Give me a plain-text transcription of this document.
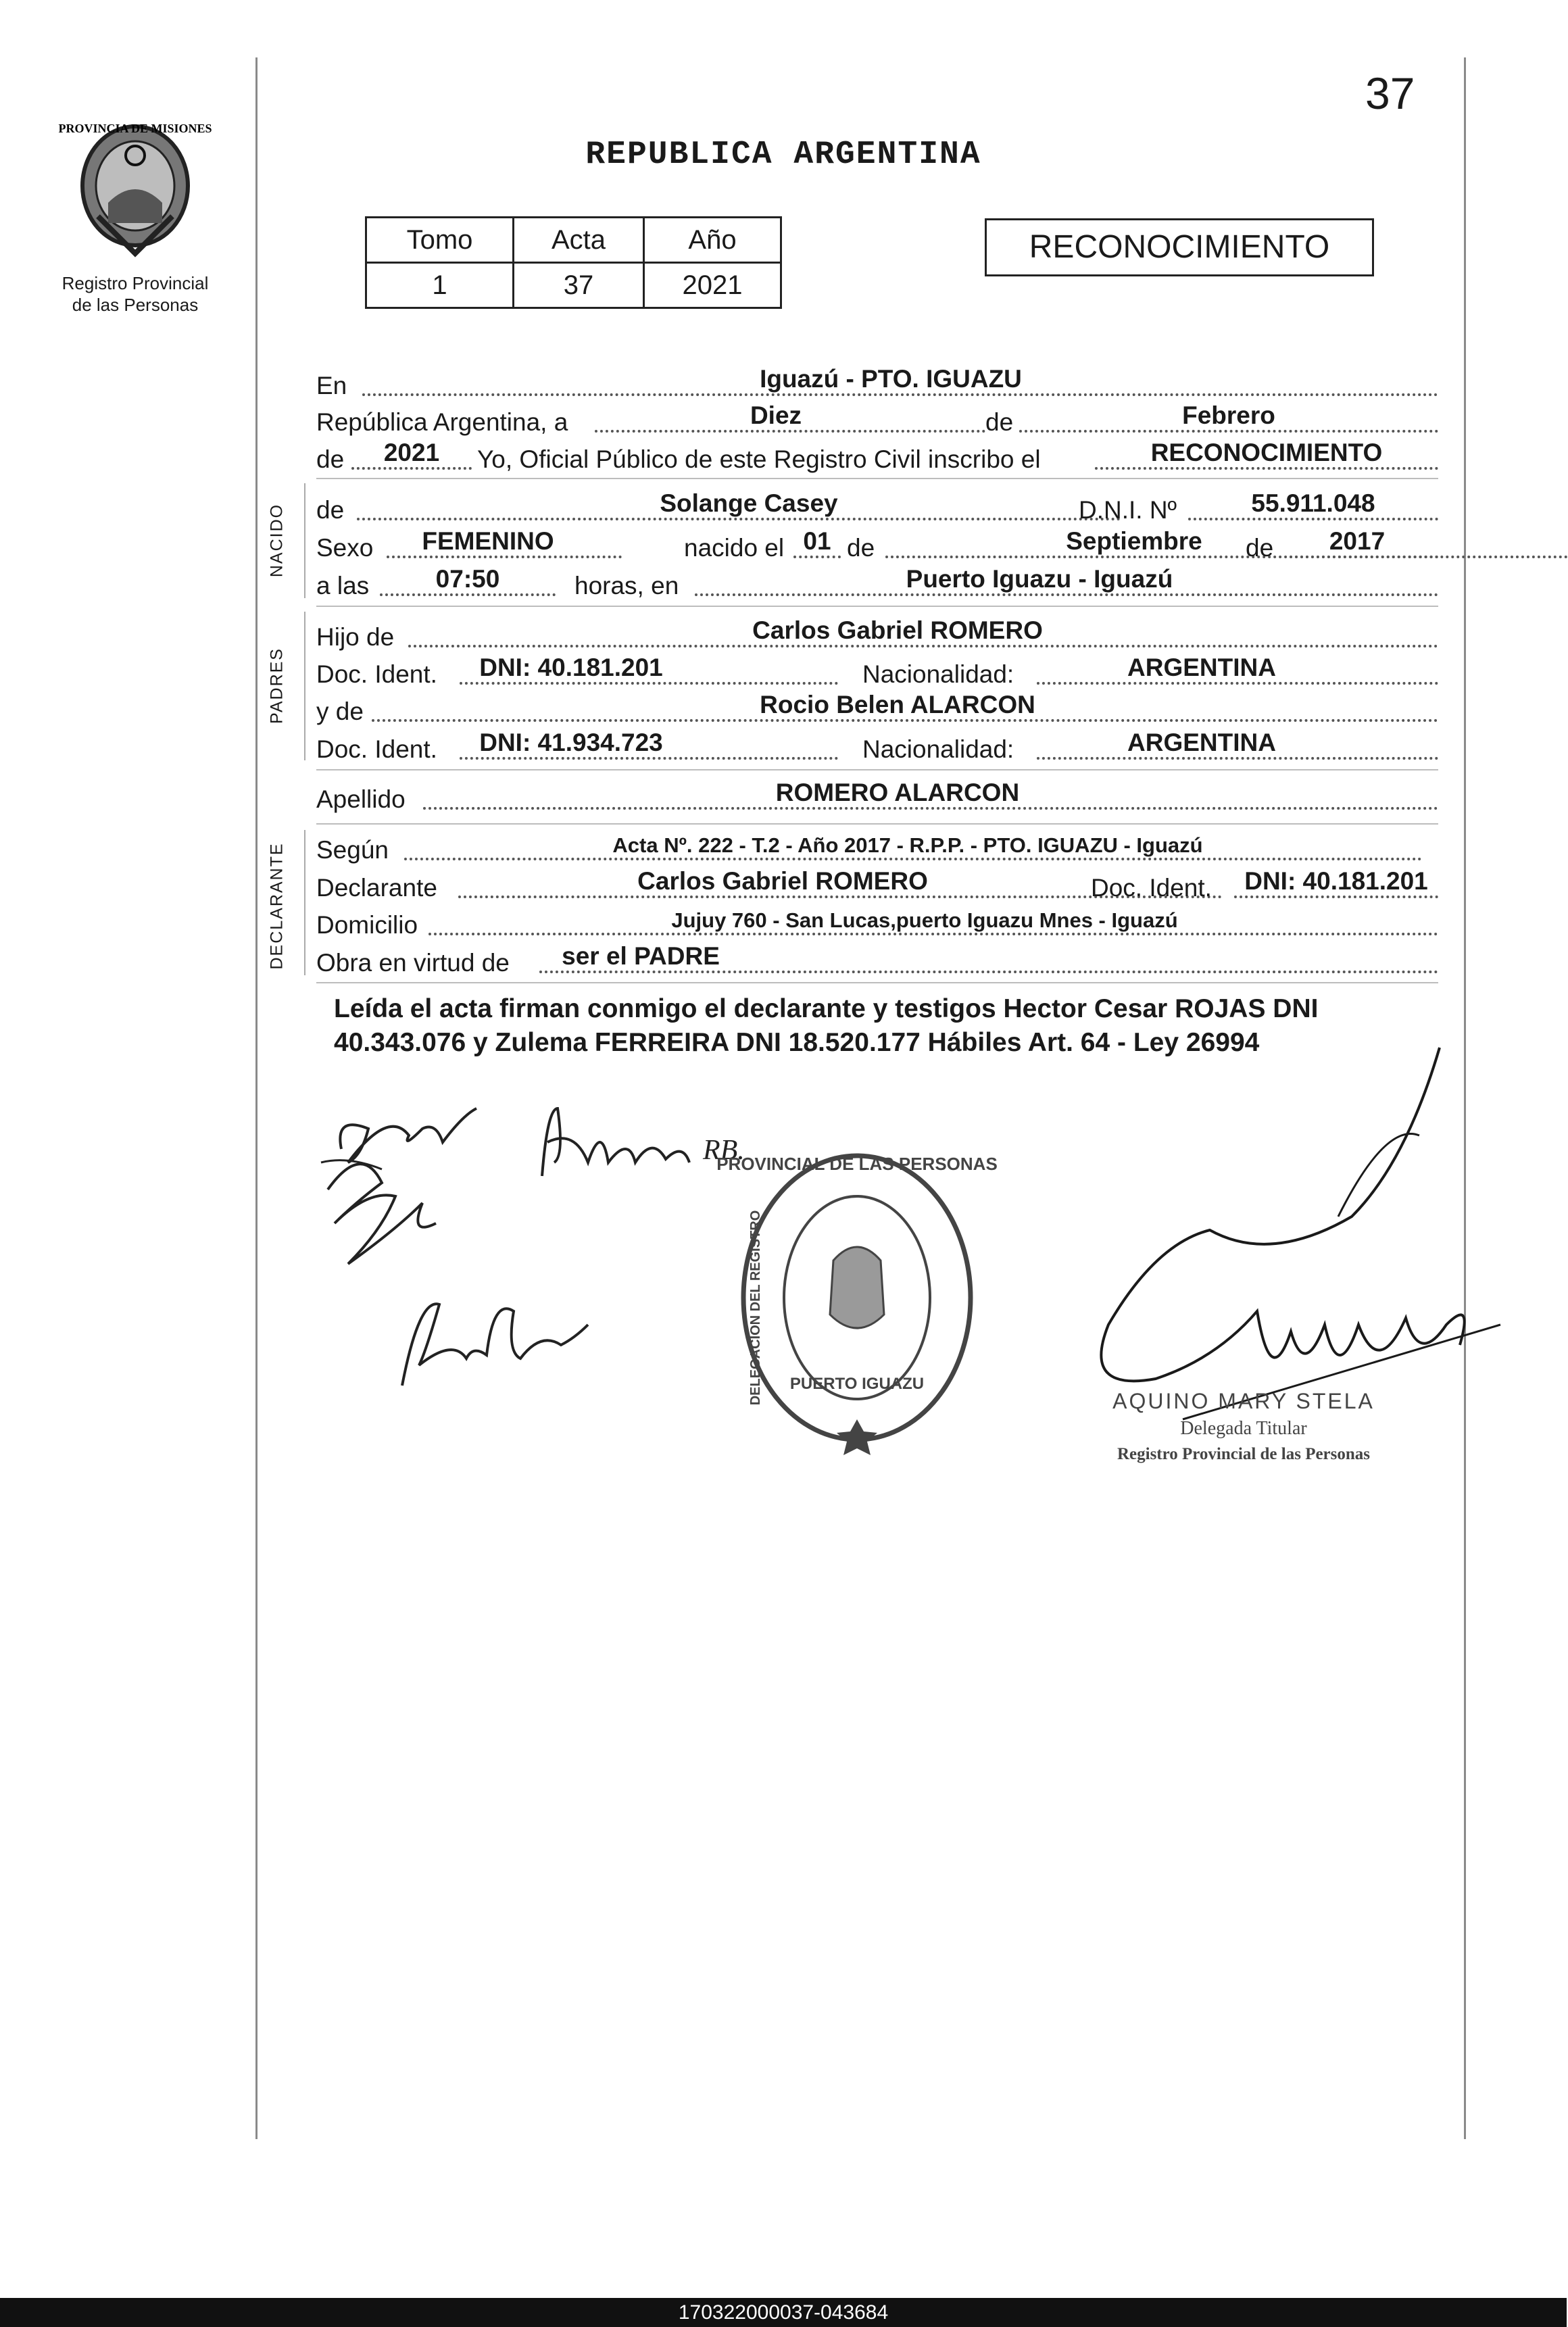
37
PROVINCIA DE MISIONES
Registro Provincial
de las Personas
REPUBLICA ARGENTINA
Tomo	Acta	Año
1	37	2021
RECONOCIMIENTO
En	Iguazú - PTO. IGUAZU
República Argentina, a	Diez	de	Febrero
de	2021	Yo, Oficial Público de este Registro Civil inscribo el	RECONOCIMIENTO
NACIDO de	Solange Casey	D.N.I. Nº	55.911.048
Sexo	FEMENINO	nacido el 01 de	Septiembre	de	2017
a las	07:50	horas, en	Puerto Iguazu - Iguazú
PADRES
Hijo de	Carlos Gabriel ROMERO
Doc. Ident.	DNI: 40.181.201	Nacionalidad:	ARGENTINA
y de	Rocio Belen ALARCON
Doc. Ident.	DNI: 41.934.723	Nacionalidad:	ARGENTINA
Apellido	ROMERO ALARCON
DECLARANTE Según	Acta Nº. 222 - T.2 - Año 2017 - R.P.P. - PTO. IGUAZU - Iguazú
Declarante	Carlos Gabriel ROMERO	Doc. Ident.	DNI: 40.181.201
Domicilio	Jujuy 760 - San Lucas,puerto Iguazu Mnes - Iguazú
Obra en virtud de	ser el PADRE
Leída el acta firman conmigo el declarante y testigos Hector Cesar ROJAS DNI 40.343.076 y Zulema FERREIRA DNI 18.520.177 Hábiles Art. 64 - Ley 26994
RB.
PROVINCIAL DE LAS PERSONAS
DELEGACION DEL REGISTRO PUERTO IGUAZU
AQUINO MARY STELA
Delegada Titular
Registro Provincial de las Personas
170322000037-043684
